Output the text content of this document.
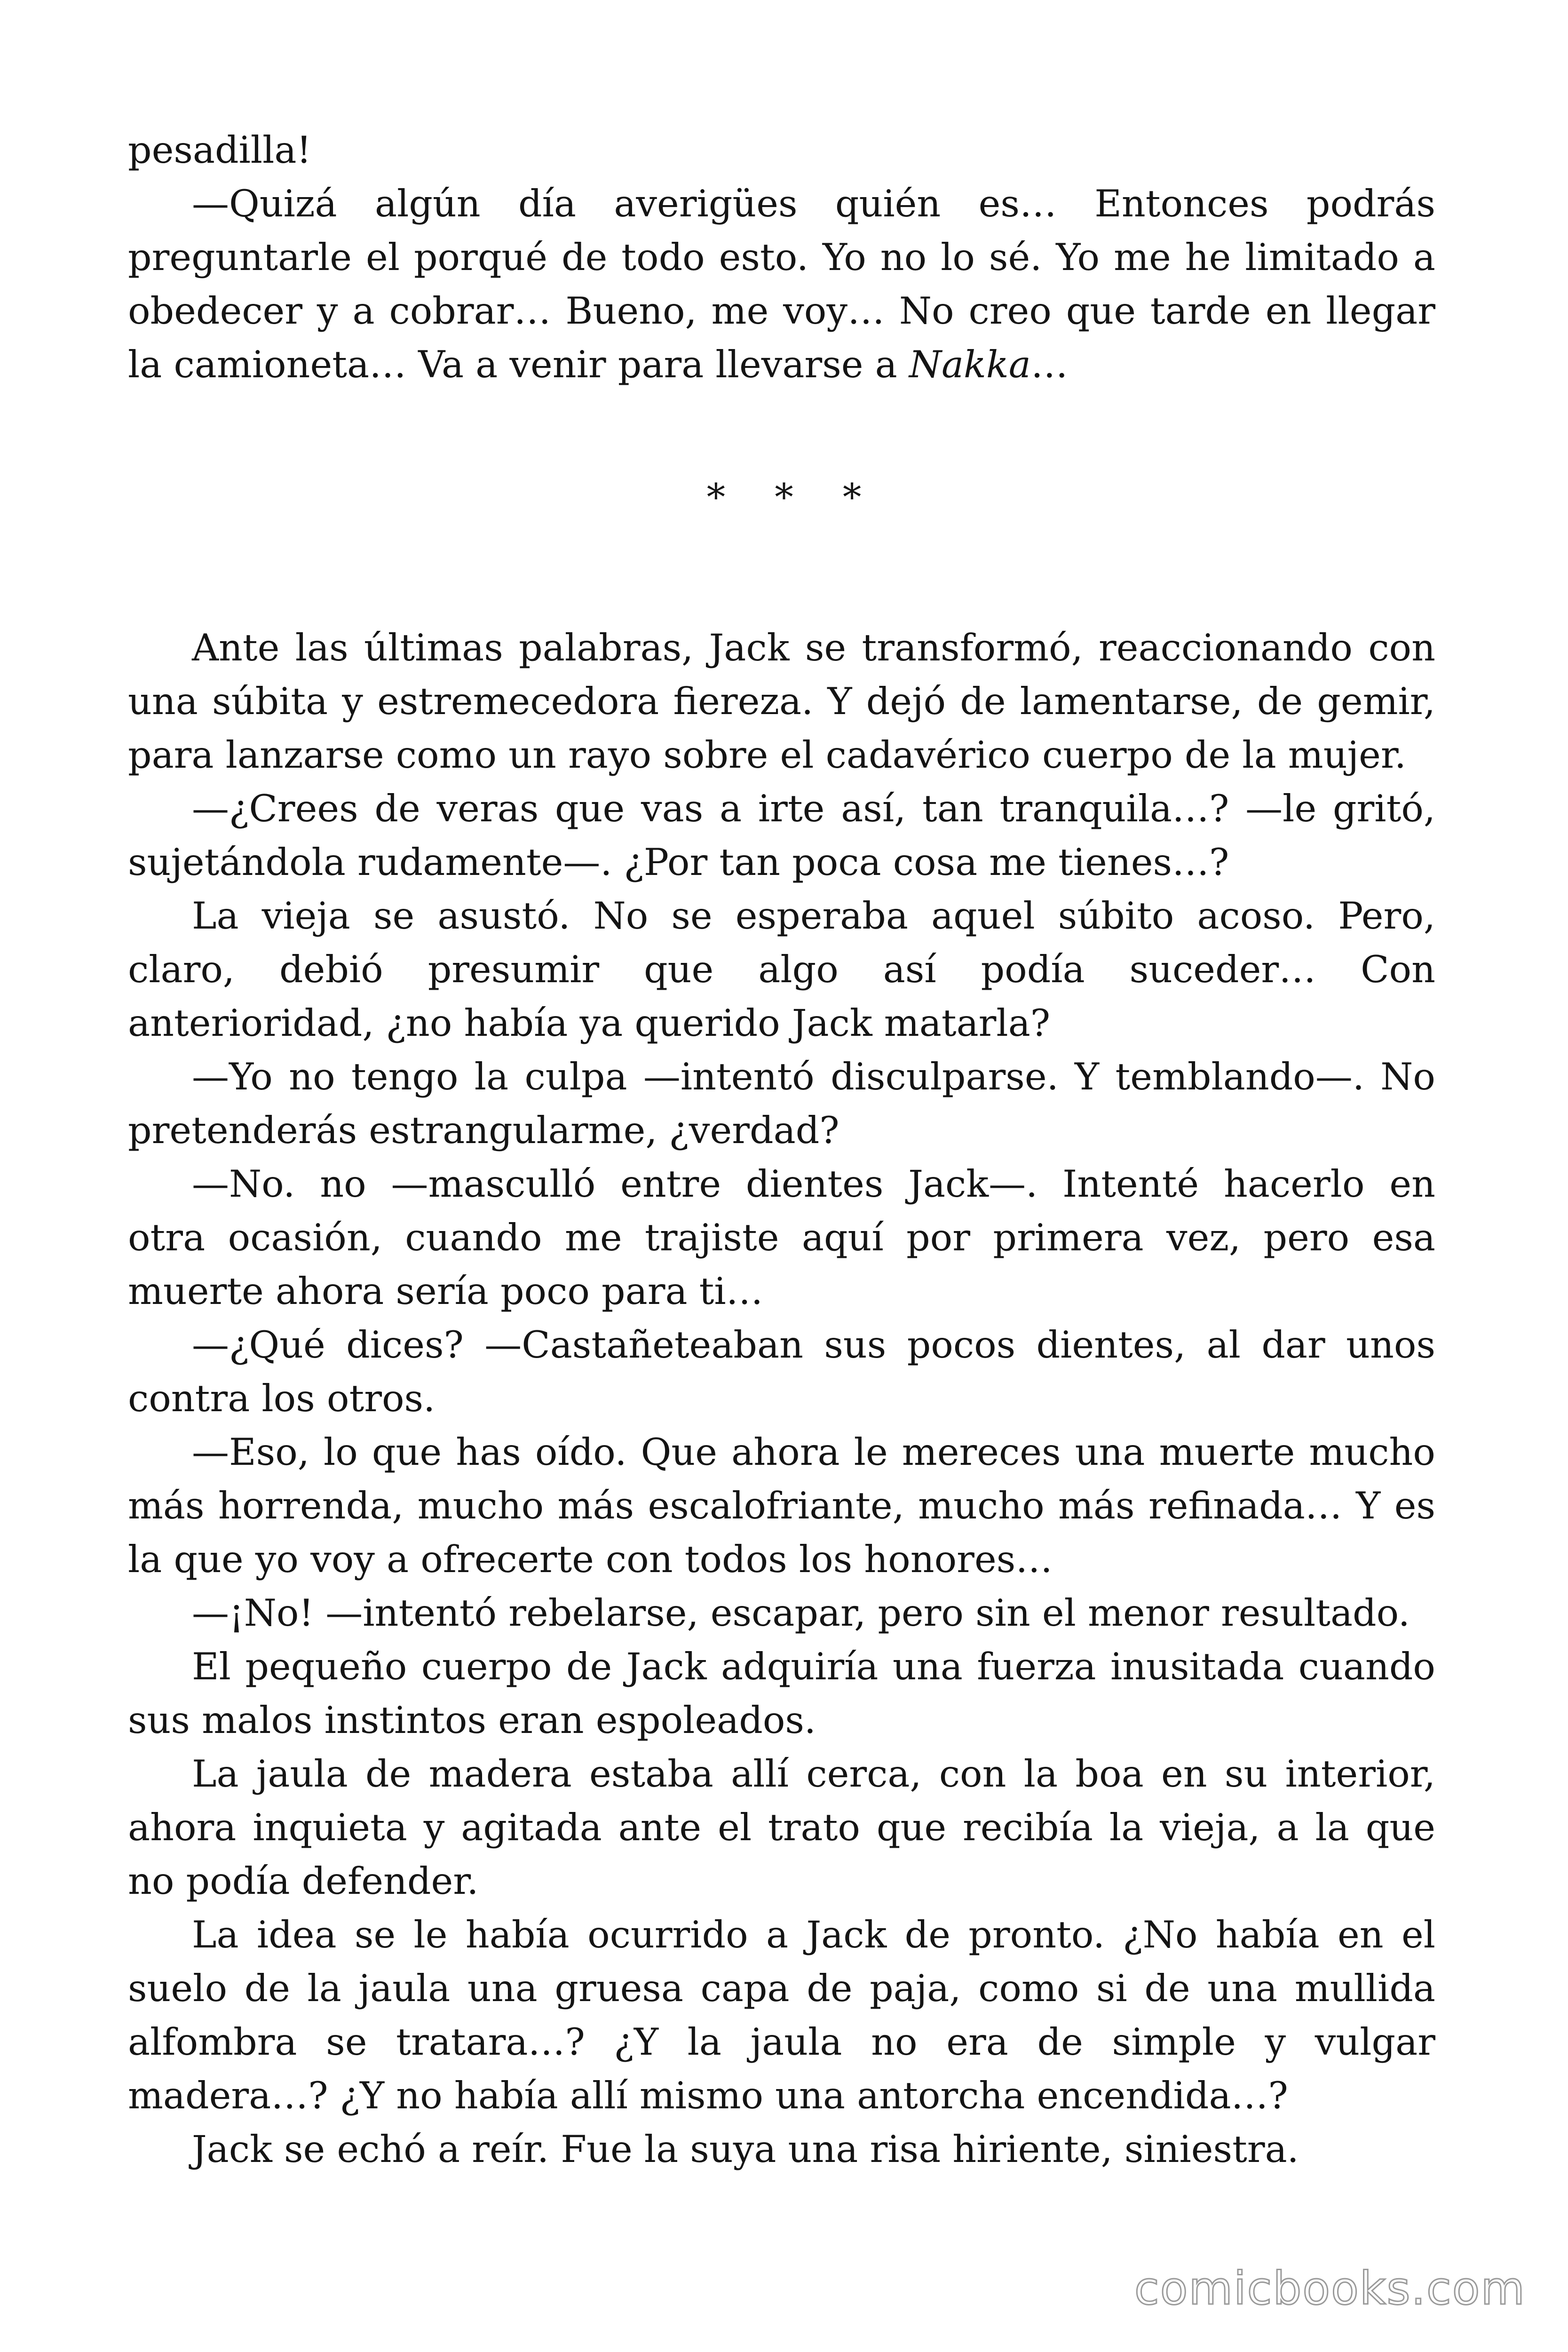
pesadilla!
—Quizá algún día averigües quién es… Entonces podrás
preguntarle el porqué de todo esto. Yo no lo sé. Yo me he limitado a
obedecer y a cobrar… Bueno, me voy… No creo que tarde en llegar
la camioneta… Va a venir para llevarse a Nakka…
* * *
Ante las últimas palabras, Jack se transformó, reaccionando con
una súbita y estremecedora fiereza. Y dejó de lamentarse, de gemir,
para lanzarse como un rayo sobre el cadavérico cuerpo de la mujer.
—¿Crees de veras que vas a irte así, tan tranquila…? —le gritó,
sujetándola rudamente—. ¿Por tan poca cosa me tienes…?
La vieja se asustó. No se esperaba aquel súbito acoso. Pero,
claro, debió presumir que algo así podía suceder… Con
anterioridad, ¿no había ya querido Jack matarla?
—Yo no tengo la culpa —intentó disculparse. Y temblando—. No
pretenderás estrangularme, ¿verdad?
—No. no —masculló entre dientes Jack—. Intenté hacerlo en
otra ocasión, cuando me trajiste aquí por primera vez, pero esa
muerte ahora sería poco para ti…
—¿Qué dices? —Castañeteaban sus pocos dientes, al dar unos
contra los otros.
—Eso, lo que has oído. Que ahora le mereces una muerte mucho
más horrenda, mucho más escalofriante, mucho más refinada… Y es
la que yo voy a ofrecerte con todos los honores…
—¡No! —intentó rebelarse, escapar, pero sin el menor resultado.
El pequeño cuerpo de Jack adquiría una fuerza inusitada cuando
sus malos instintos eran espoleados.
La jaula de madera estaba allí cerca, con la boa en su interior,
ahora inquieta y agitada ante el trato que recibía la vieja, a la que
no podía defender.
La idea se le había ocurrido a Jack de pronto. ¿No había en el
suelo de la jaula una gruesa capa de paja, como si de una mullida
alfombra se tratara…? ¿Y la jaula no era de simple y vulgar
madera…? ¿Y no había allí mismo una antorcha encendida…?
Jack se echó a reír. Fue la suya una risa hiriente, siniestra.
comicbooks.com
